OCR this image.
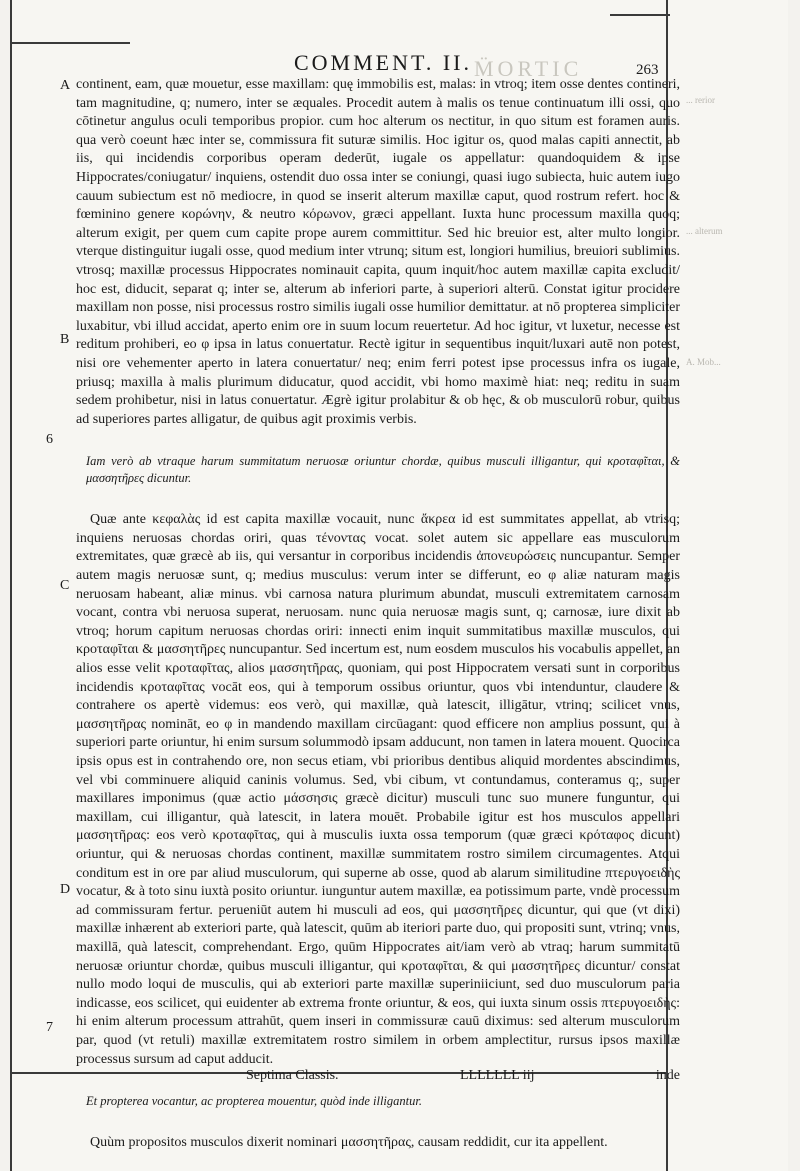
M̈ORTIC
COMMENT. II.	263
... rerior
... alterum
A. Mob...
A
B
6
C
D
7

continent, eam, quæ mouetur, esse maxillam: quę immobilis est, malas: in vtroq; item osse dentes contineri, tam magnitudine, q; numero, inter se æquales. Procedit autem à malis os tenue continuatum illi ossi, quo cōtinetur angulus oculi temporibus propior. cum hoc alterum os nectitur, in quo situm est foramen auris. qua verò coeunt hæc inter se, commissura fit suturæ similis. Hoc igitur os, quod malas capiti annectit, ab iis, qui incidendis corporibus operam dederūt, iugale os appellatur: quandoquidem & ipse Hippocrates/coniugatur/ inquiens, ostendit duo ossa inter se coniungi, quasi iugo subiecta, huic autem iugo cauum subiectum est nō mediocre, in quod se inserit alterum maxillæ caput, quod rostrum refert. hoc & fœminino genere κορώνην, & neutro κόρωνον, græci appellant. Iuxta hunc processum maxilla quoq; alterum exigit, per quem cum capite prope aurem committitur. Sed hic breuior est, alter multo longior. vterque distinguitur iugali osse, quod medium inter vtrunq; situm est, longiori humilius, breuiori sublimius. vtrosq; maxillæ processus Hippocrates nominauit capita, quum inquit/hoc autem maxillæ capita excludit/ hoc est, diducit, separat q; inter se, alterum ab inferiori parte, à superiori alterū. Constat igitur procidere maxillam non posse, nisi processus rostro similis iugali osse humilior demittatur. at nō propterea simpliciter luxabitur, vbi illud accidat, aperto enim ore in suum locum reuertetur. Ad hoc igitur, vt luxetur, necesse est reditum prohiberi, eo φ ipsa in latus conuertatur. Rectè igitur in sequentibus inquit/luxari autē non potest, nisi ore vehementer aperto in latera conuertatur/ neq; enim ferri potest ipse processus infra os iugale, priusq; maxilla à malis plurimum diducatur, quod accidit, vbi homo maximè hiat: neq; reditu in suam sedem prohibetur, nisi in latus conuertatur. Ægrè igitur prolabitur & ob hęc, & ob musculorū robur, quibus ad superiores partes alligatur, de quibus agit proximis verbis.

Iam verò ab vtraque harum summitatum neruosæ oriuntur chordæ, quibus musculi illigantur, qui κροταφῖται, & μασσητῆρες dicuntur.

Quæ ante κεφαλὰς id est capita maxillæ vocauit, nunc ἄκρεα id est summitates appellat, ab vtrisq; inquiens neruosas chordas oriri, quas τένοντας vocat. solet autem sic appellare eas musculorum extremitates, quæ græcè ab iis, qui versantur in corporibus incidendis ἀπονευρώσεις nuncupantur. Semper autem magis neruosæ sunt, q; medius musculus: verum inter se differunt, eo φ aliæ naturam magis neruosam habeant, aliæ minus. vbi carnosa natura plurimum abundat, musculi extremitatem carnosam vocant, contra vbi neruosa superat, neruosam. nunc quia neruosæ magis sunt, q; carnosæ, iure dixit ab vtroq; horum capitum neruosas chordas oriri: innecti enim inquit summitatibus maxillæ musculos, qui κροταφῖται & μασσητῆρες nuncupantur. Sed incertum est, num eosdem musculos his vocabulis appellet, an alios esse velit κροταφῖτας, alios μασσητῆρας, quoniam, qui post Hippocratem versati sunt in corporibus incidendis κροταφῖτας vocāt eos, qui à temporum ossibus oriuntur, quos vbi intenduntur, claudere & contrahere os apertè videmus: eos verò, qui maxillæ, quà latescit, illigātur, vtrinq; scilicet vnus, μασσητῆρας nomināt, eo φ in mandendo maxillam circūagant: quod efficere non amplius possunt, qui à superiori parte oriuntur, hi enim sursum solummodò ipsam adducunt, non tamen in latera mouent. Quocirca ipsis opus est in contrahendo ore, non secus etiam, vbi prioribus dentibus aliquid mordentes abscindimus, vel vbi comminuere aliquid caninis volumus. Sed, vbi cibum, vt contundamus, conteramus q;, super maxillares imponimus (quæ actio μάσσησις græcè dicitur) musculi tunc suo munere funguntur, qui maxillam, cui illigantur, quà latescit, in latera mouēt. Probabile igitur est hos musculos appellari μασσητῆρας: eos verò κροταφῖτας, qui à musculis iuxta ossa temporum (quæ græci κρόταφος dicunt) oriuntur, qui & neruosas chordas continent, maxillæ summitatem rostro similem circumagentes. Atqui conditum est in ore par aliud musculorum, qui superne ab osse, quod ab alarum similitudine πτερυγοειδὴς vocatur, & à toto sinu iuxtà posito oriuntur. iunguntur autem maxillæ, ea potissimum parte, vndè processum ad commissuram fertur. perueniūt autem hi musculi ad eos, qui μασσητῆρες dicuntur, qui que (vt dixi) maxillæ inhærent ab exteriori parte, quà latescit, quūm ab iteriori parte duo, qui propositi sunt, vtrinq; vnus, maxillā, quà latescit, comprehendant. Ergo, quūm Hippocrates ait/iam verò ab vtraq; harum summitatū neruosæ oriuntur chordæ, quibus musculi illigantur, qui κροταφῖται, & qui μασσητῆρες dicuntur/ constat nullo modo loqui de musculis, qui ab exteriori parte maxillæ superiniiciunt, sed duo musculorum paria indicasse, eos scilicet, qui euidenter ab extrema fronte oriuntur, & eos, qui iuxta sinum ossis πτερυγοειδὴς: hi enim alterum processum attrahūt, quem inseri in commissuræ cauū diximus: sed alterum musculorum par, quod (vt retuli) maxillæ extremitatem rostro similem in orbem amplectitur, rursus ipsos maxillæ processus sursum ad caput adducit.

Et propterea vocantur, ac propterea mouentur, quòd inde illigantur.

Quùm propositos musculos dixerit nominari μασσητῆρας, causam reddidit, cur ita appellent.

Septima Classis.	LLLLLLL iij	inde
